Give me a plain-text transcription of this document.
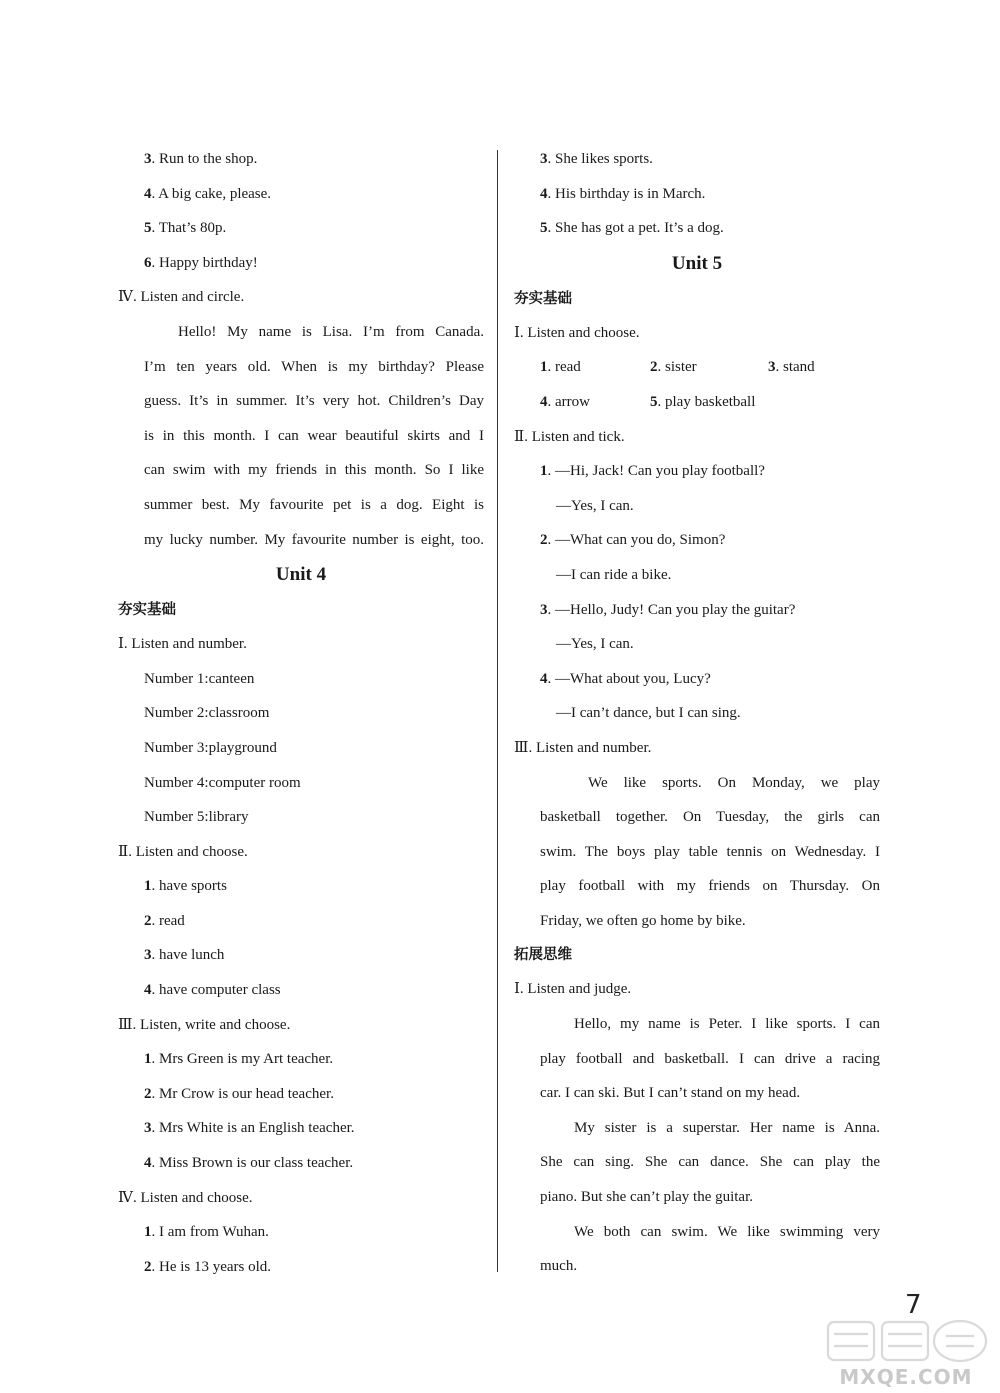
3. Run to the shop.
4. A big cake, please.
5. That’s 80p.
6. Happy birthday!
Ⅳ. Listen and circle.
Hello! My name is Lisa. I’m from Canada.
I’m ten years old. When is my birthday? Please
guess. It’s in summer. It’s very hot. Children’s Day
is in this month. I can wear beautiful skirts and I
can swim with my friends in this month. So I like
summer best. My favourite pet is a dog. Eight is
my lucky number. My favourite number is eight, too.
Unit 4
夯实基础
Ⅰ. Listen and number.
Number 1:canteen
Number 2:classroom
Number 3:playground
Number 4:computer room
Number 5:library
Ⅱ. Listen and choose.
1. have sports
2. read
3. have lunch
4. have computer class
Ⅲ. Listen, write and choose.
1. Mrs Green is my Art teacher.
2. Mr Crow is our head teacher.
3. Mrs White is an English teacher.
4. Miss Brown is our class teacher.
Ⅳ. Listen and choose.
1. I am from Wuhan.
2. He is 13 years old.
3. She likes sports.
4. His birthday is in March.
5. She has got a pet. It’s a dog.
Unit 5
夯实基础
Ⅰ. Listen and choose.
1. read	2. sister	3. stand
4. arrow	5. play basketball
Ⅱ. Listen and tick.
1. —Hi, Jack! Can you play football?
—Yes, I can.
2. —What can you do, Simon?
—I can ride a bike.
3. —Hello, Judy! Can you play the guitar?
—Yes, I can.
4. —What about you, Lucy?
—I can’t dance, but I can sing.
Ⅲ. Listen and number.
We like sports. On Monday, we play
basketball together. On Tuesday, the girls can
swim. The boys play table tennis on Wednesday. I
play football with my friends on Thursday. On
Friday, we often go home by bike.
拓展思维
Ⅰ. Listen and judge.
Hello, my name is Peter. I like sports. I can
play football and basketball. I can drive a racing
car. I can ski. But I can’t stand on my head.
My sister is a superstar. Her name is Anna.
She can sing. She can dance. She can play the
piano. But she can’t play the guitar.
We both can swim. We like swimming very
much.
7
MXQE.COM
